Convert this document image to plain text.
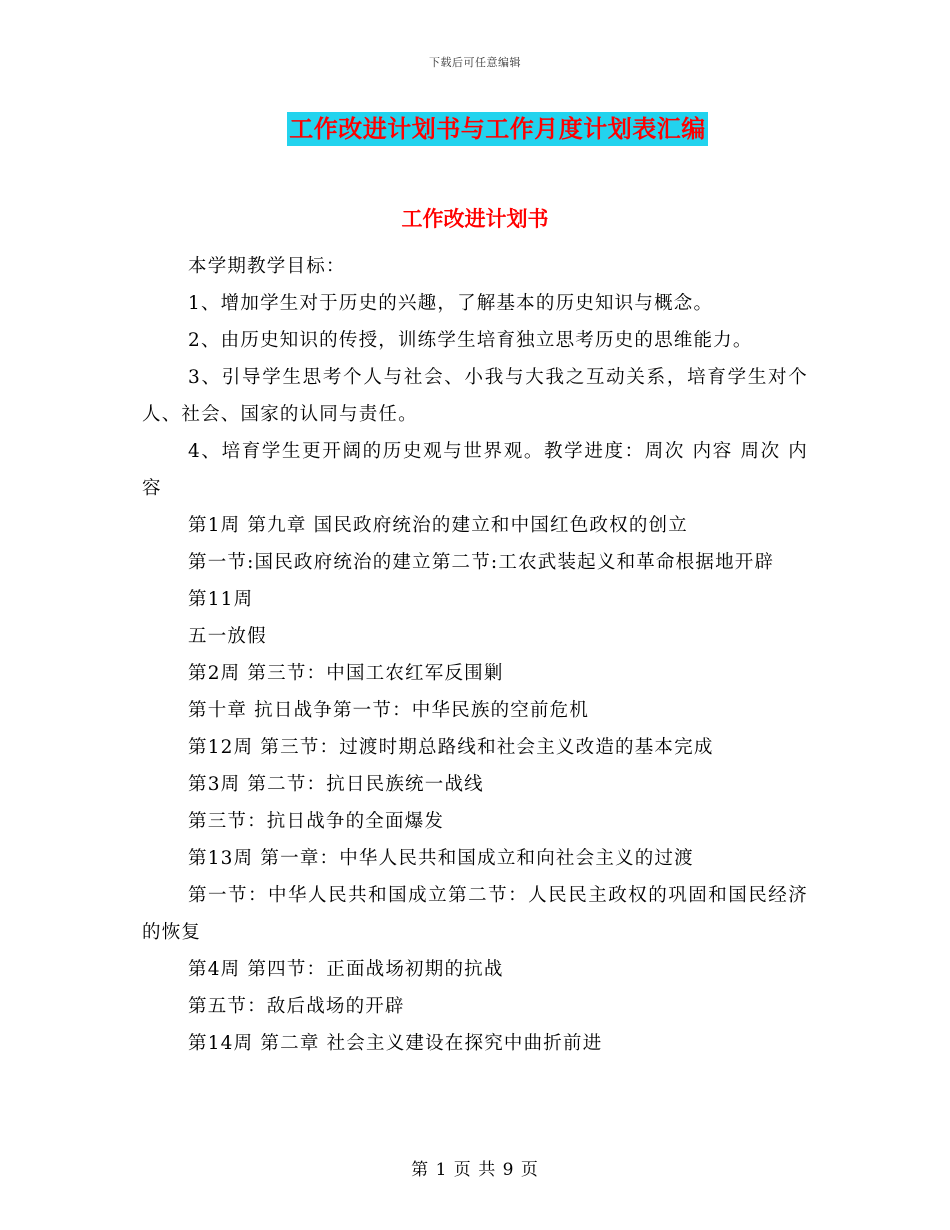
下载后可任意编辑
工作改进计划书与工作月度计划表汇编
工作改进计划书

本学期教学目标：

1、增加学生对于历史的兴趣，了解基本的历史知识与概念。

2、由历史知识的传授，训练学生培育独立思考历史的思维能力。

3、引导学生思考个人与社会、小我与大我之互动关系，培育学生对个人、社会、国家的认同与责任。

4、培育学生更开阔的历史观与世界观。教学进度：周次 内容 周次 内容

第1周 第九章 国民政府统治的建立和中国红色政权的创立

第一节:国民政府统治的建立第二节:工农武装起义和革命根据地开辟

第11周

五一放假

第2周 第三节：中国工农红军反围剿

第十章 抗日战争第一节：中华民族的空前危机

第12周 第三节：过渡时期总路线和社会主义改造的基本完成

第3周 第二节：抗日民族统一战线

第三节：抗日战争的全面爆发

第13周 第一章：中华人民共和国成立和向社会主义的过渡

第一节：中华人民共和国成立第二节：人民民主政权的巩固和国民经济的恢复

第4周 第四节：正面战场初期的抗战

第五节：敌后战场的开辟

第14周 第二章 社会主义建设在探究中曲折前进

第 1 页 共 9 页
